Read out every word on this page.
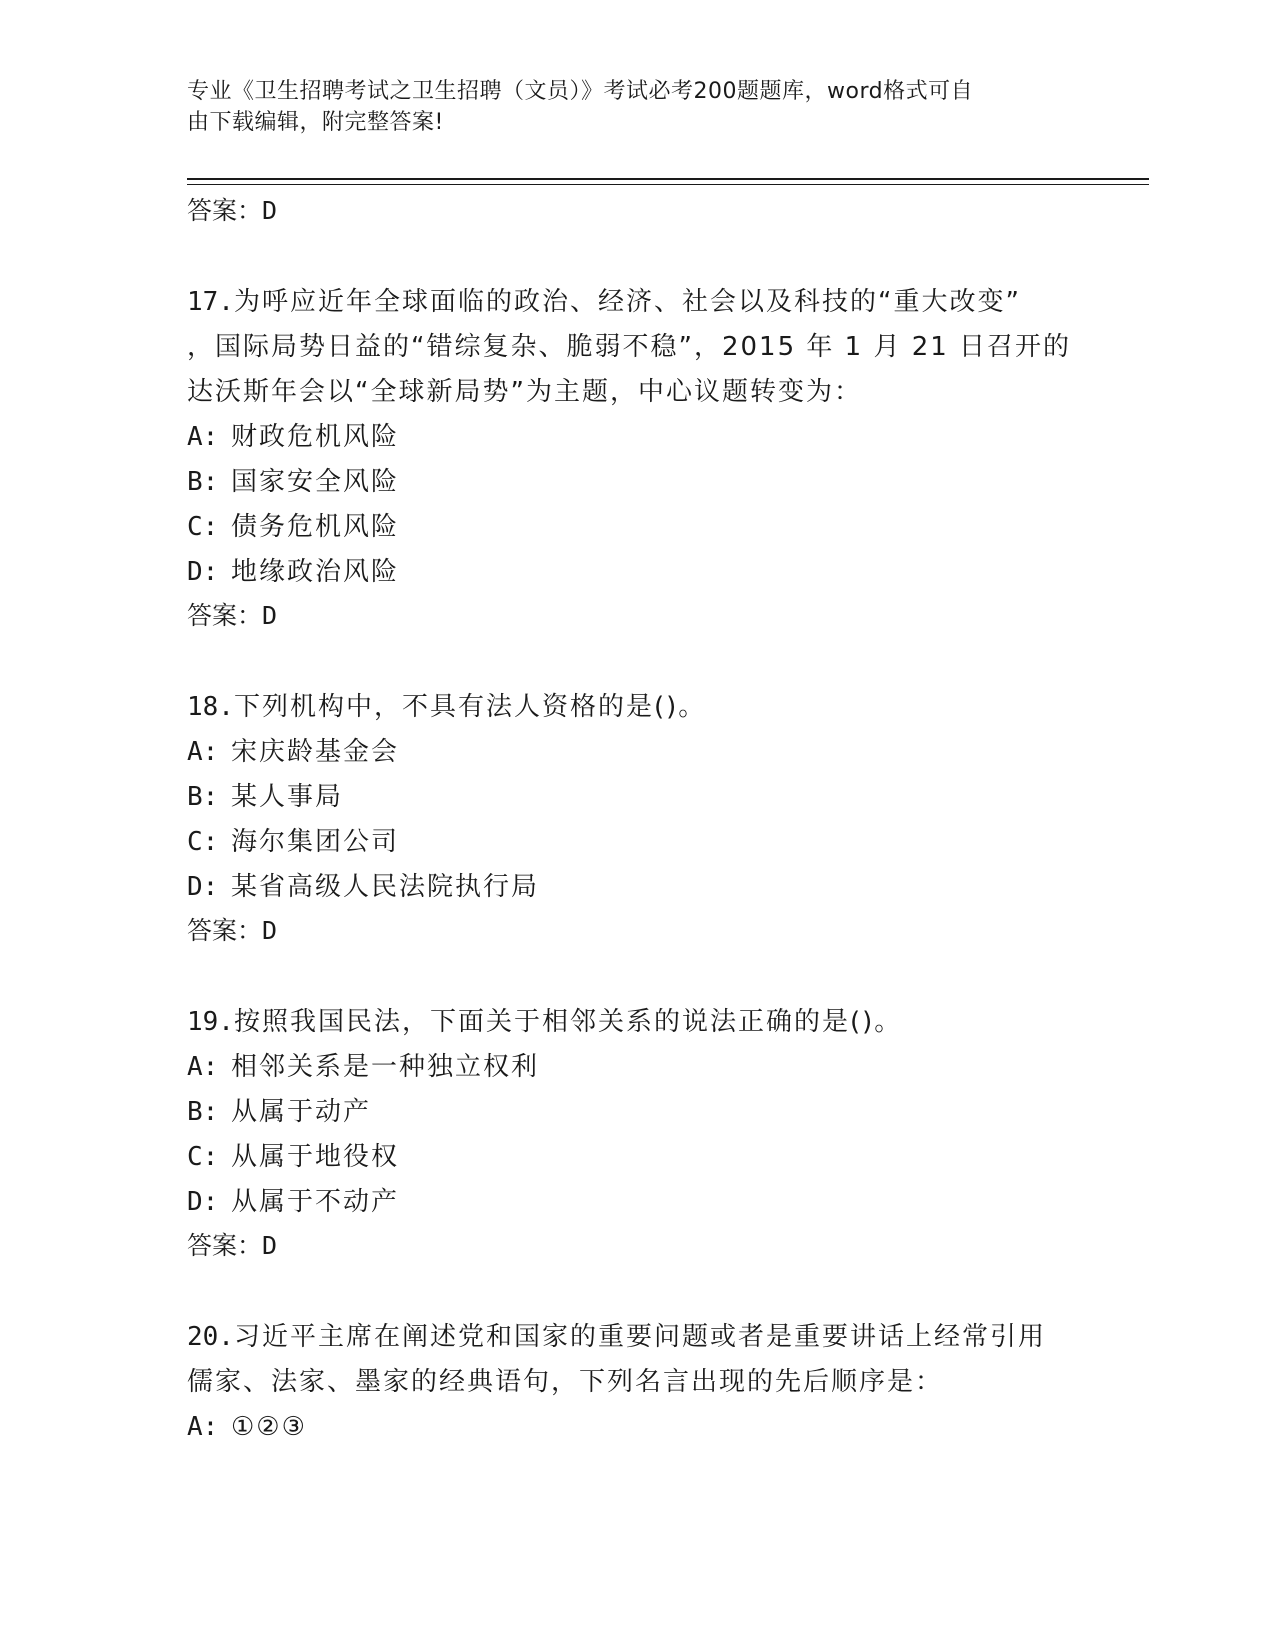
专业《卫生招聘考试之卫生招聘（文员）》考试必考200题题库，word格式可自
由下载编辑，附完整答案!
答案：D
17.为呼应近年全球面临的政治、经济、社会以及科技的“重大改变”
，国际局势日益的“错综复杂、脆弱不稳”，2015 年 1 月 21 日召开的
达沃斯年会以“全球新局势”为主题，中心议题转变为：
A: 财政危机风险
B: 国家安全风险
C: 债务危机风险
D: 地缘政治风险
答案：D
18.下列机构中，不具有法人资格的是()。
A: 宋庆龄基金会
B: 某人事局
C: 海尔集团公司
D: 某省高级人民法院执行局
答案：D
19.按照我国民法，下面关于相邻关系的说法正确的是()。
A: 相邻关系是一种独立权利
B: 从属于动产
C: 从属于地役权
D: 从属于不动产
答案：D
20.习近平主席在阐述党和国家的重要问题或者是重要讲话上经常引用
儒家、法家、墨家的经典语句，下列名言出现的先后顺序是：
A: ①②③
